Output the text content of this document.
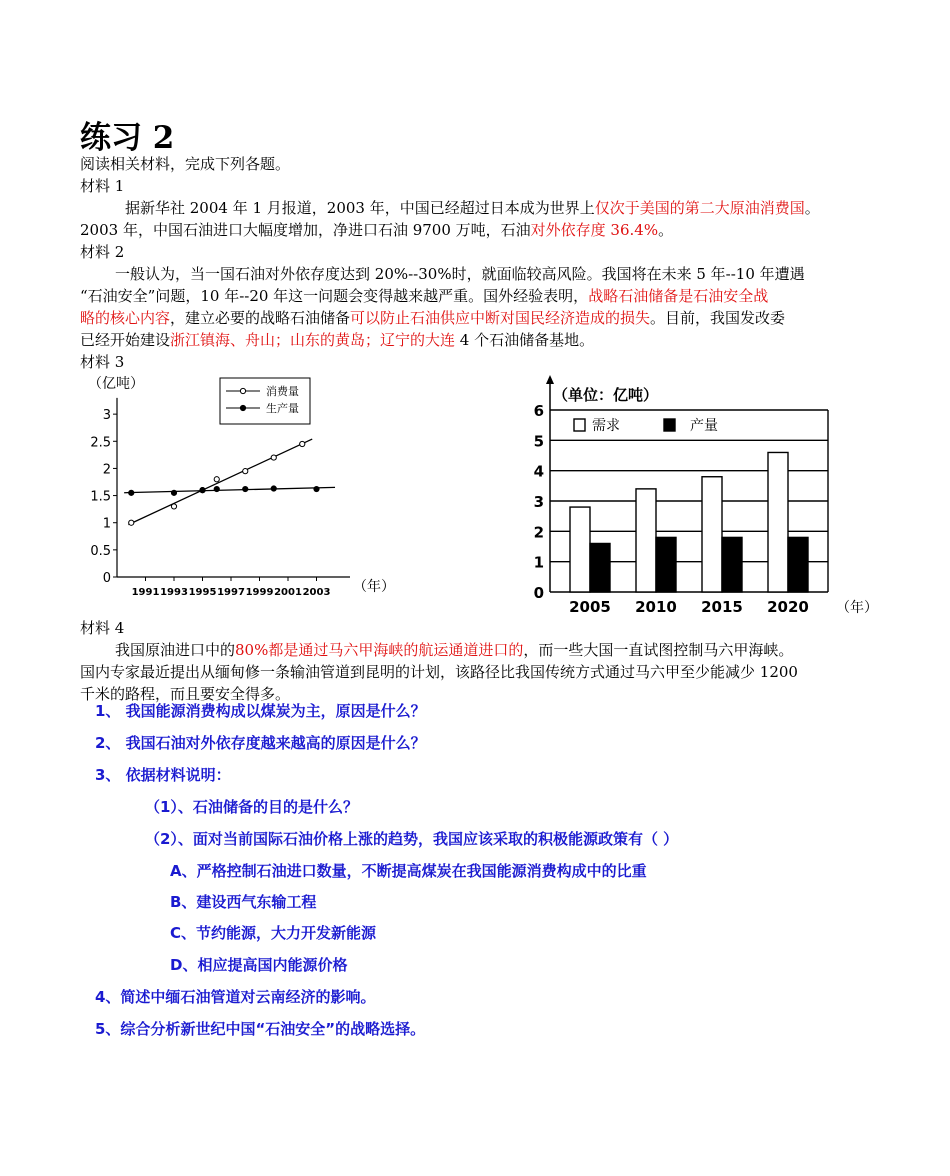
练习 2
阅读相关材料，完成下列各题。
材料 1
据新华社 2004 年 1 月报道，2003 年，中国已经超过日本成为世界上仅次于美国的第二大原油消费国。
2003 年，中国石油进口大幅度增加，净进口石油 9700 万吨，石油对外依存度 36.4%。
材料 2
一般认为，当一国石油对外依存度达到 20%--30%时，就面临较高风险。我国将在未来 5 年--10 年遭遇
“石油安全”问题，10 年--20 年这一问题会变得越来越严重。国外经验表明，战略石油储备是石油安全战
略的核心内容，建立必要的战略石油储备可以防止石油供应中断对国民经济造成的损失。目前，我国发改委
已经开始建设浙江镇海、舟山；山东的黄岛；辽宁的大连 4 个石油储备基地。
材料 3
（亿吨）
（年）
0
0.5
1
1.5
2
2.5
3
1991 1993 1995 1997 1999 2001 2003
消费量
生产量
（单位：亿吨）
（年）
0
1
2
3
4
5
6
2005 2010 2015 2020
需求	产量
材料 4
我国原油进口中的80%都是通过马六甲海峡的航运通道进口的，而一些大国一直试图控制马六甲海峡。
国内专家最近提出从缅甸修一条输油管道到昆明的计划，该路径比我国传统方式通过马六甲至少能减少 1200
千米的路程，而且要安全得多。
1、 我国能源消费构成以煤炭为主，原因是什么？
2、 我国石油对外依存度越来越高的原因是什么？
3、 依据材料说明：
（1）、石油储备的目的是什么？
（2）、面对当前国际石油价格上涨的趋势，我国应该采取的积极能源政策有（ ）
A、严格控制石油进口数量，不断提高煤炭在我国能源消费构成中的比重
B、建设西气东输工程
C、节约能源，大力开发新能源
D、相应提高国内能源价格
4、简述中缅石油管道对云南经济的影响。
5、综合分析新世纪中国“石油安全”的战略选择。
